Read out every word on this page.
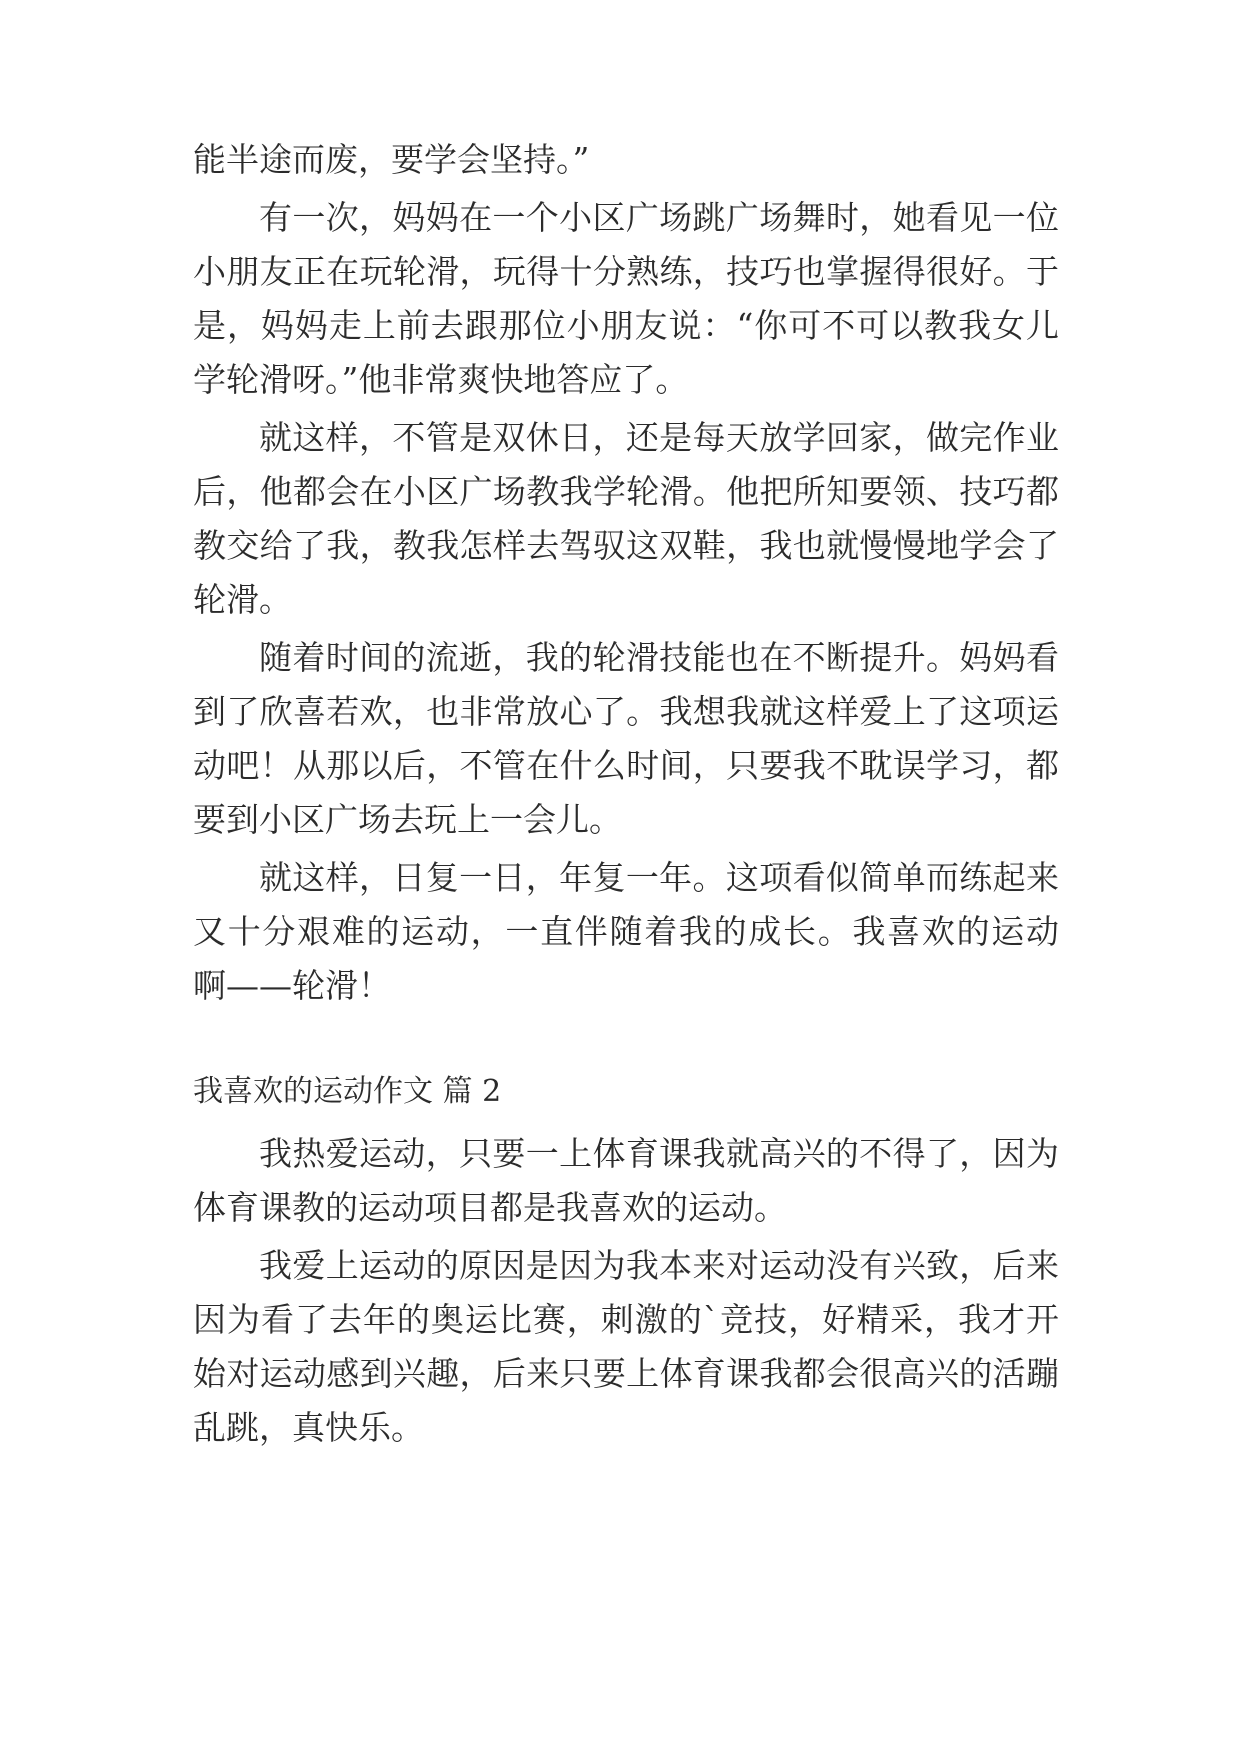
能半途而废，要学会坚持。”
有一次，妈妈在一个小区广场跳广场舞时，她看见一位
小朋友正在玩轮滑，玩得十分熟练，技巧也掌握得很好。于
是，妈妈走上前去跟那位小朋友说：“你可不可以教我女儿
学轮滑呀。”他非常爽快地答应了。
就这样，不管是双休日，还是每天放学回家，做完作业
后，他都会在小区广场教我学轮滑。他把所知要领、技巧都
教交给了我，教我怎样去驾驭这双鞋，我也就慢慢地学会了
轮滑。
随着时间的流逝，我的轮滑技能也在不断提升。妈妈看
到了欣喜若欢，也非常放心了。我想我就这样爱上了这项运
动吧！从那以后，不管在什么时间，只要我不耽误学习，都
要到小区广场去玩上一会儿。
就这样，日复一日，年复一年。这项看似简单而练起来
又十分艰难的运动，一直伴随着我的成长。我喜欢的运动
啊——轮滑！
我喜欢的运动作文 篇 2
我热爱运动，只要一上体育课我就高兴的不得了，因为
体育课教的运动项目都是我喜欢的运动。
我爱上运动的原因是因为我本来对运动没有兴致，后来
因为看了去年的奥运比赛，刺激的`竞技，好精采，我才开
始对运动感到兴趣，后来只要上体育课我都会很高兴的活蹦
乱跳，真快乐。
